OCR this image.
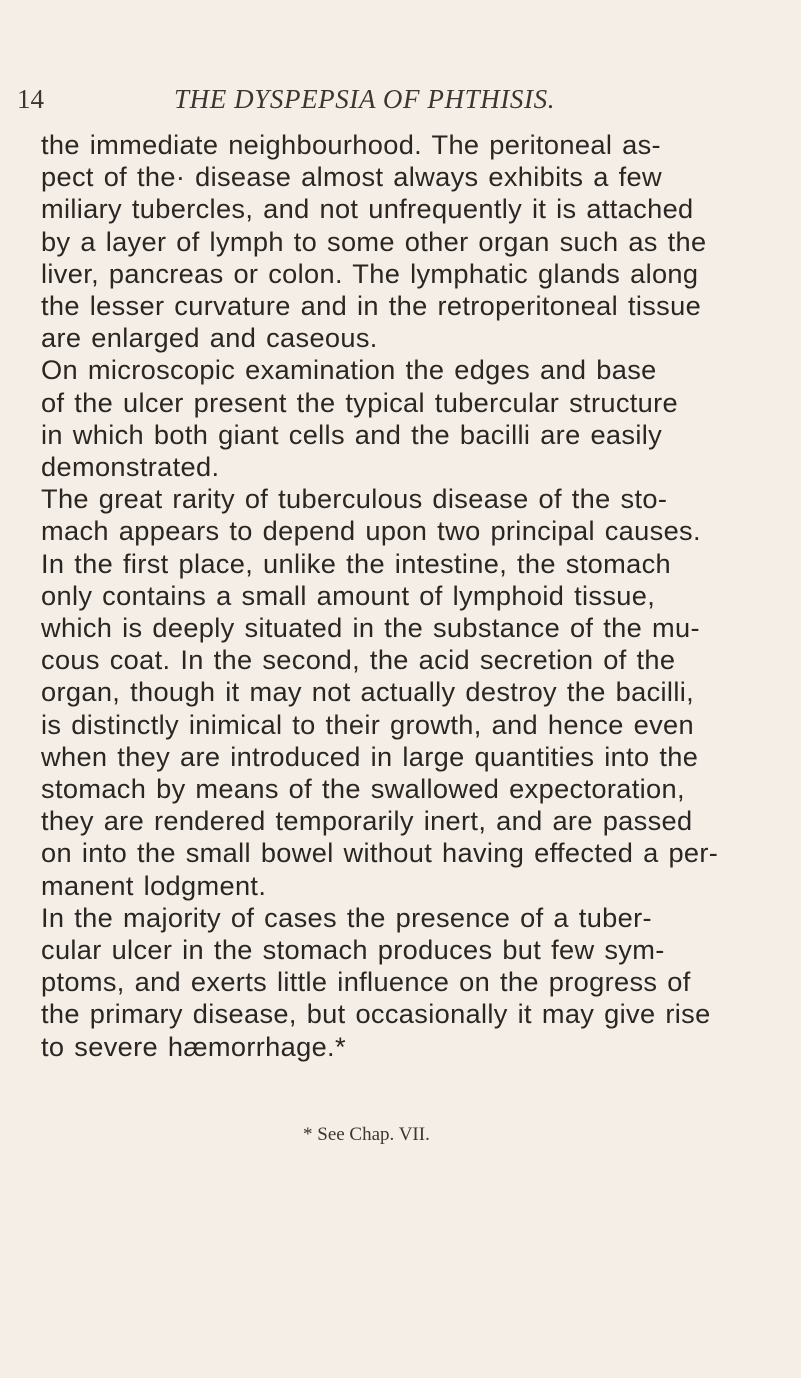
14	THE DYSPEPSIA OF PHTHISIS.
the immediate neighbourhood. The peritoneal as-
pect of the· disease almost always exhibits a few
miliary tubercles, and not unfrequently it is attached
by a layer of lymph to some other organ such as the
liver, pancreas or colon. The lymphatic glands along
the lesser curvature and in the retroperitoneal tissue
are enlarged and caseous.
On microscopic examination the edges and base
of the ulcer present the typical tubercular structure
in which both giant cells and the bacilli are easily
demonstrated.
The great rarity of tuberculous disease of the sto-
mach appears to depend upon two principal causes.
In the first place, unlike the intestine, the stomach
only contains a small amount of lymphoid tissue,
which is deeply situated in the substance of the mu-
cous coat. In the second, the acid secretion of the
organ, though it may not actually destroy the bacilli,
is distinctly inimical to their growth, and hence even
when they are introduced in large quantities into the
stomach by means of the swallowed expectoration,
they are rendered temporarily inert, and are passed
on into the small bowel without having effected a per-
manent lodgment.
In the majority of cases the presence of a tuber-
cular ulcer in the stomach produces but few sym-
ptoms, and exerts little influence on the progress of
the primary disease, but occasionally it may give rise
to severe hæmorrhage.*
* See Chap. VII.
